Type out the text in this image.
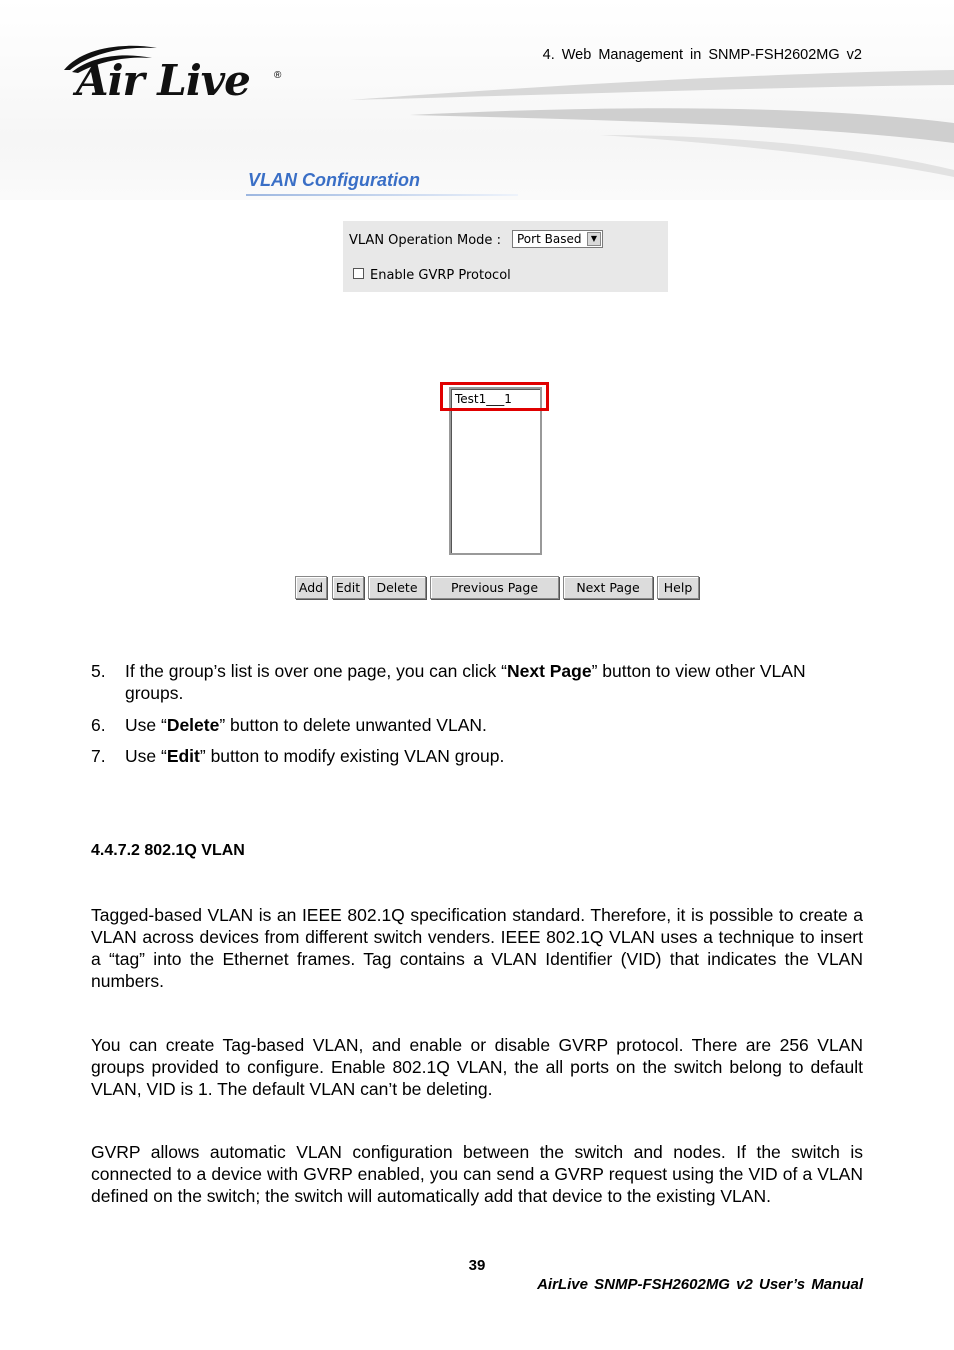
4. Web Management in SNMP-FSH2602MG v2
Air Live ®
VLAN Configuration
VLAN Operation Mode : Port Based	▼
Enable GVRP Protocol
Test1___1
Add	Edit	Delete	Previous Page	Next Page	Help
5. If the group’s list is over one page, you can click “Next Page” button to view other VLAN groups.
6. Use “Delete” button to delete unwanted VLAN.
7. Use “Edit” button to modify existing VLAN group.
4.4.7.2 802.1Q VLAN
Tagged-based VLAN is an IEEE 802.1Q specification standard. Therefore, it is possible to create a VLAN across devices from different switch venders. IEEE 802.1Q VLAN uses a technique to insert a “tag” into the Ethernet frames. Tag contains a VLAN Identifier (VID) that indicates the VLAN numbers.
You can create Tag-based VLAN, and enable or disable GVRP protocol. There are 256 VLAN groups provided to configure. Enable 802.1Q VLAN, the all ports on the switch belong to default VLAN, VID is 1. The default VLAN can’t be deleting.
GVRP allows automatic VLAN configuration between the switch and nodes. If the switch is connected to a device with GVRP enabled, you can send a GVRP request using the VID of a VLAN defined on the switch; the switch will automatically add that device to the existing VLAN.
39
AirLive SNMP-FSH2602MG v2 User’s Manual
